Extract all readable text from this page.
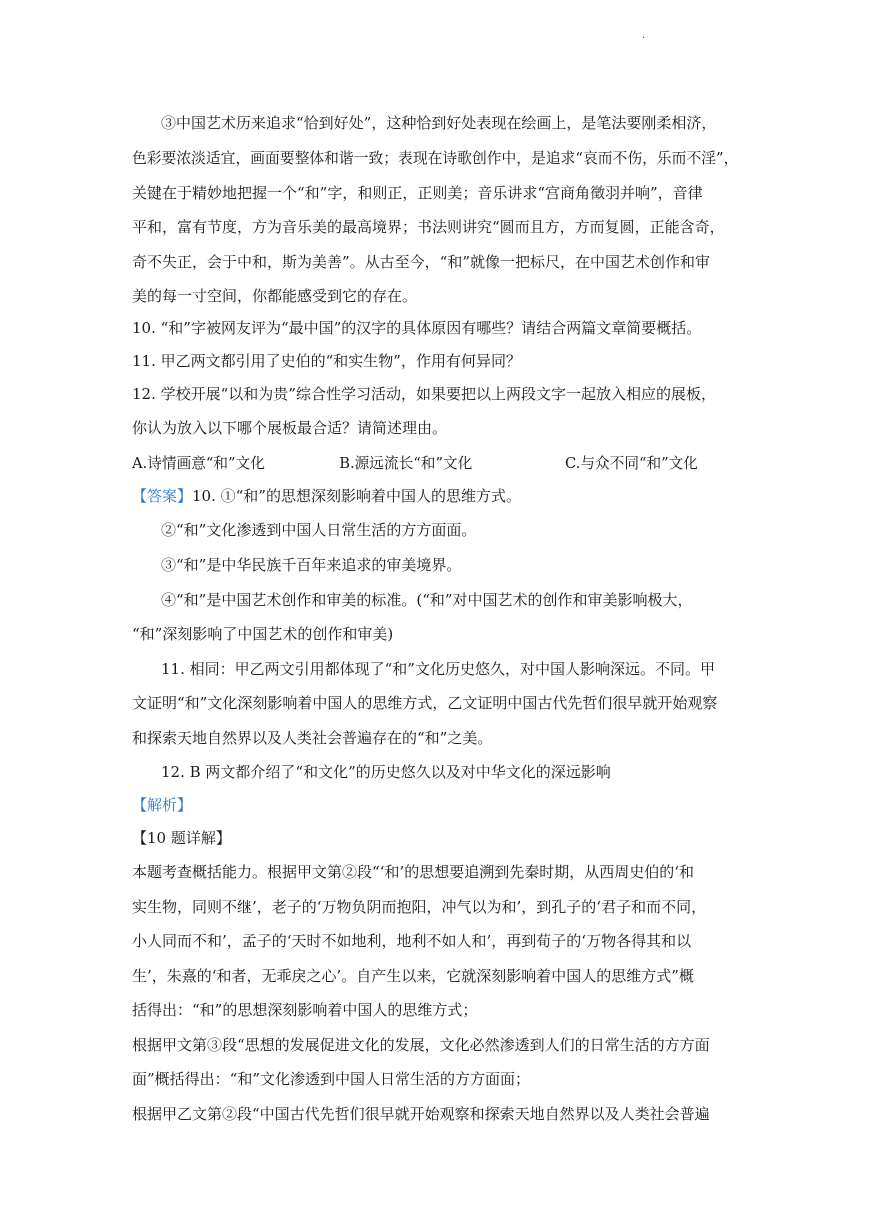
.
③中国艺术历来追求“恰到好处”，这种恰到好处表现在绘画上，是笔法要刚柔相济，
色彩要浓淡适宜，画面要整体和谐一致；表现在诗歌创作中，是追求“哀而不伤，乐而不淫”，
关键在于精妙地把握一个“和”字，和则正，正则美；音乐讲求“宫商角徵羽并响”，音律
平和，富有节度，方为音乐美的最高境界；书法则讲究“圆而且方，方而复圆，正能含奇，
奇不失正，会于中和，斯为美善”。从古至今，“和”就像一把标尺，在中国艺术创作和审
美的每一寸空间，你都能感受到它的存在。
10. “和”字被网友评为“最中国”的汉字的具体原因有哪些？请结合两篇文章简要概括。
11. 甲乙两文都引用了史伯的“和实生物”，作用有何异同？
12. 学校开展“以和为贵”综合性学习活动，如果要把以上两段文字一起放入相应的展板，
你认为放入以下哪个展板最合适？请简述理由。
A.诗情画意“和”文化	B.源远流长“和”文化	C.与众不同“和”文化
【答案】10. ①“和”的思想深刻影响着中国人的思维方式。
②“和”文化渗透到中国人日常生活的方方面面。
③“和”是中华民族千百年来追求的审美境界。
④“和”是中国艺术创作和审美的标准。(“和”对中国艺术的创作和审美影响极大，
“和”深刻影响了中国艺术的创作和审美)
11. 相同：甲乙两文引用都体现了“和”文化历史悠久，对中国人影响深远。不同。甲
文证明“和”文化深刻影响着中国人的思维方式，乙文证明中国古代先哲们很早就开始观察
和探索天地自然界以及人类社会普遍存在的“和”之美。
12. B 两文都介绍了“和文化”的历史悠久以及对中华文化的深远影响
【解析】
【10 题详解】
本题考查概括能力。根据甲文第②段“‘和’的思想要追溯到先秦时期，从西周史伯的‘和
实生物，同则不继’，老子的‘万物负阴而抱阳，冲气以为和’，到孔子的‘君子和而不同，
小人同而不和’，孟子的‘天时不如地利，地利不如人和’，再到荀子的‘万物各得其和以
生’，朱熹的‘和者，无乖戾之心’。自产生以来，它就深刻影响着中国人的思维方式”概
括得出：“和”的思想深刻影响着中国人的思维方式；
根据甲文第③段“思想的发展促进文化的发展，文化必然渗透到人们的日常生活的方方面
面”概括得出：“和”文化渗透到中国人日常生活的方方面面；
根据甲乙文第②段“中国古代先哲们很早就开始观察和探索天地自然界以及人类社会普遍
